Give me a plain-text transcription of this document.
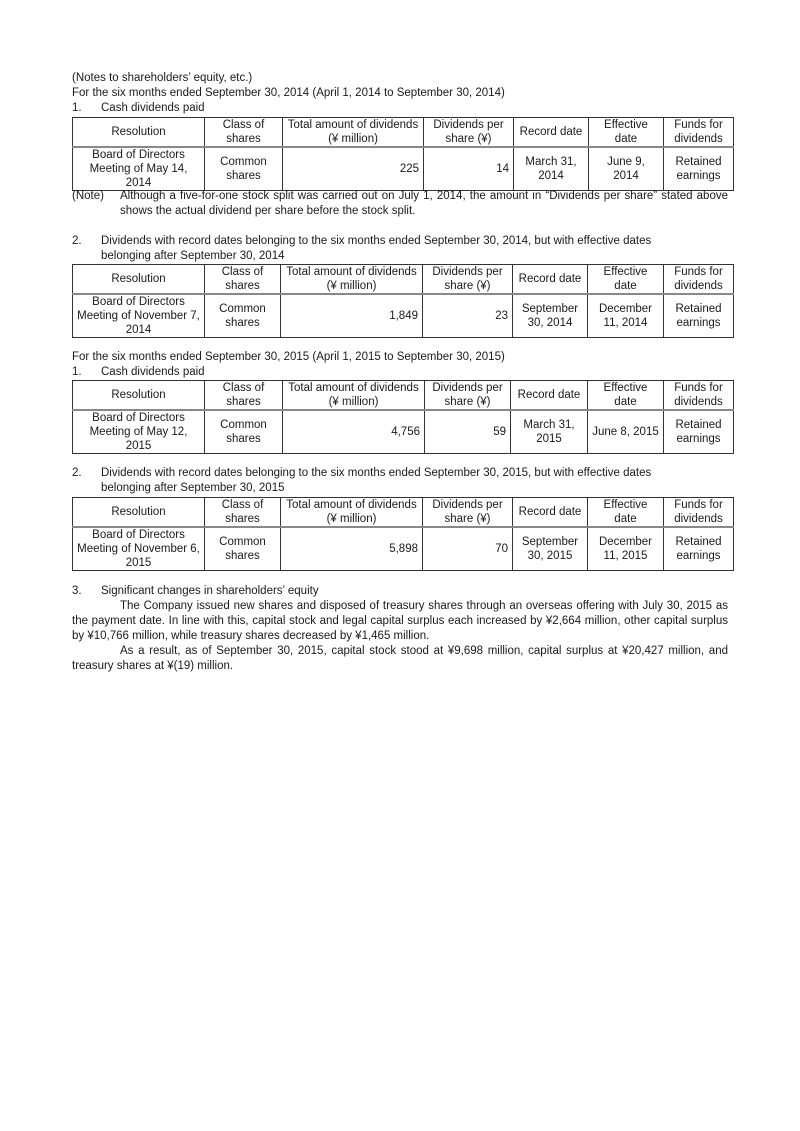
(Notes to shareholders’ equity, etc.)
For the six months ended September 30, 2014 (April 1, 2014 to September 30, 2014)
1. Cash dividends paid
Resolution	Class of shares	Total amount of dividends (¥ million)	Dividends per share (¥)	Record date	Effective date	Funds for dividends
Board of Directors Meeting of May 14, 2014	Common shares	225	14	March 31, 2014	June 9, 2014	Retained earnings
(Note) Although a five-for-one stock split was carried out on July 1, 2014, the amount in “Dividends per share” stated above shows the actual dividend per share before the stock split.
2. Dividends with record dates belonging to the six months ended September 30, 2014, but with effective dates
belonging after September 30, 2014
Resolution	Class of shares	Total amount of dividends (¥ million)	Dividends per share (¥)	Record date	Effective date	Funds for dividends
Board of Directors Meeting of November 7, 2014	Common shares	1,849	23	September 30, 2014	December 11, 2014	Retained earnings
For the six months ended September 30, 2015 (April 1, 2015 to September 30, 2015)
1. Cash dividends paid
Resolution	Class of shares	Total amount of dividends (¥ million)	Dividends per share (¥)	Record date	Effective date	Funds for dividends
Board of Directors Meeting of May 12, 2015	Common shares	4,756	59	March 31, 2015	June 8, 2015	Retained earnings
2. Dividends with record dates belonging to the six months ended September 30, 2015, but with effective dates
belonging after September 30, 2015
Resolution	Class of shares	Total amount of dividends (¥ million)	Dividends per share (¥)	Record date	Effective date	Funds for dividends
Board of Directors Meeting of November 6, 2015	Common shares	5,898	70	September 30, 2015	December 11, 2015	Retained earnings
3. Significant changes in shareholders’ equity
The Company issued new shares and disposed of treasury shares through an overseas offering with July 30, 2015 as the payment date. In line with this, capital stock and legal capital surplus each increased by ¥2,664 million, other capital surplus by ¥10,766 million, while treasury shares decreased by ¥1,465 million.
As a result, as of September 30, 2015, capital stock stood at ¥9,698 million, capital surplus at ¥20,427 million, and treasury shares at ¥(19) million.
